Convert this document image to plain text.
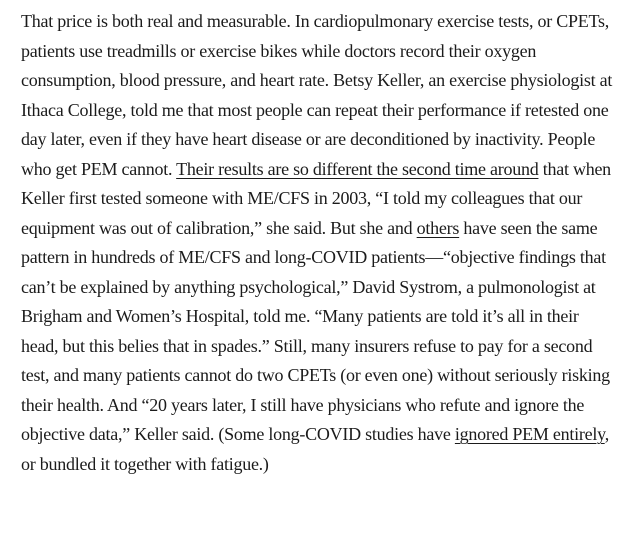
That price is both real and measurable. In cardiopulmonary exercise tests, or CPETs, patients use treadmills or exercise bikes while doctors record their oxygen consumption, blood pressure, and heart rate. Betsy Keller, an exercise physiologist at Ithaca College, told me that most people can repeat their performance if retested one day later, even if they have heart disease or are deconditioned by inactivity. People who get PEM cannot. Their results are so different the second time around that when Keller first tested someone with ME/CFS in 2003, “I told my colleagues that our equipment was out of calibration,” she said. But she and others have seen the same pattern in hundreds of ME/CFS and long-COVID patients—“objective findings that can’t be explained by anything psychological,” David Systrom, a pulmonologist at Brigham and Women’s Hospital, told me. “Many patients are told it’s all in their head, but this belies that in spades.” Still, many insurers refuse to pay for a second test, and many patients cannot do two CPETs (or even one) without seriously risking their health. And “20 years later, I still have physicians who refute and ignore the objective data,” Keller said. (Some long-COVID studies have ignored PEM entirely, or bundled it together with fatigue.)
